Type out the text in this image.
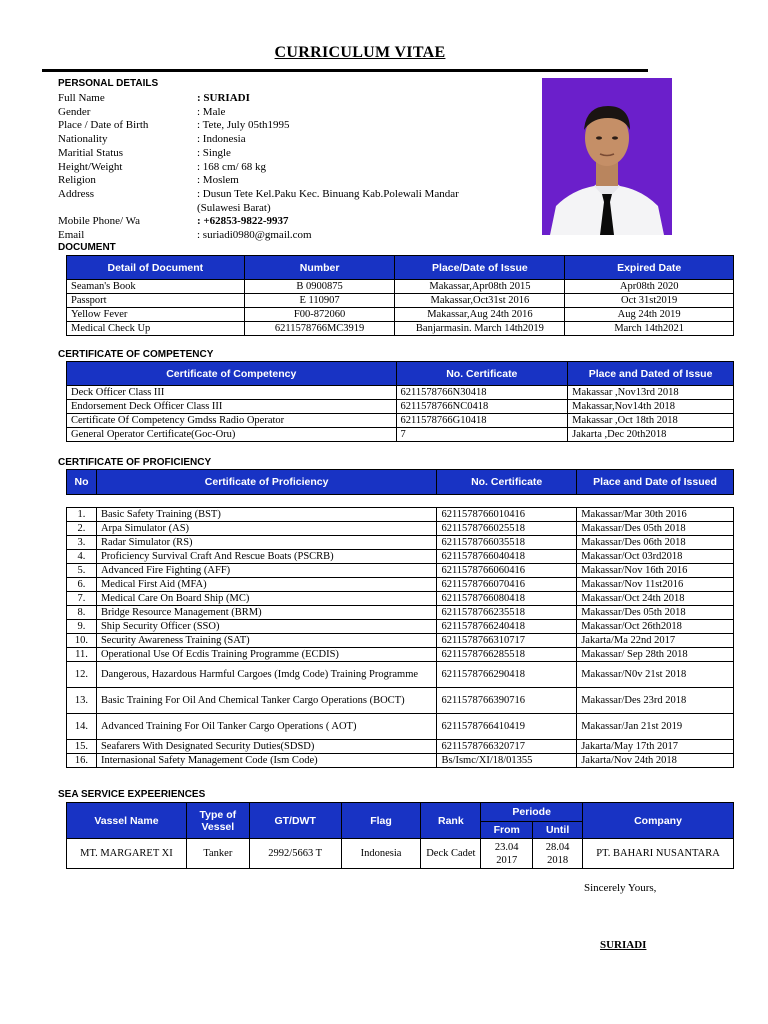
CURRICULUM VITAE
PERSONAL DETAILS
Full Name	: SURIADI
Gender	: Male
Place / Date of Birth	: Tete, July 05th1995
Nationality	: Indonesia
Maritial Status	: Single
Height/Weight	: 168 cm/ 68 kg
Religion	: Moslem
Address	: Dusun Tete Kel.Paku Kec. Binuang Kab.Polewali Mandar
(Sulawesi Barat)
Mobile Phone/ Wa	: +62853-9822-9937
Email	: suriadi0980@gmail.com
DOCUMENT
Detail of Document	Number	Place/Date of Issue	Expired Date
Seaman's Book	B 0900875	Makassar,Apr08th 2015	Apr08th 2020
Passport	E 110907	Makassar,Oct31st 2016	Oct 31st2019
Yellow Fever	F00-872060	Makassar,Aug 24th 2016	Aug 24th 2019
Medical Check Up	6211578766MC3919	Banjarmasin. March 14th2019	March 14th2021
CERTIFICATE OF COMPETENCY
Certificate of Competency	No. Certificate	Place and Dated of Issue
Deck Officer Class III	6211578766N30418	Makassar ,Nov13rd 2018
Endorsement Deck Officer Class III	6211578766NC0418	Makassar,Nov14th 2018
Certificate Of Competency Gmdss Radio Operator	6211578766G10418	Makassar ,Oct 18th 2018
General Operator Certificate(Goc-Oru)	7	Jakarta ,Dec 20th2018
CERTIFICATE OF PROFICIENCY
No	Certificate of Proficiency	No. Certificate	Place and Date of Issued
1.	Basic Safety Training (BST)	6211578766010416	Makassar/Mar 30th 2016
2.	Arpa Simulator (AS)	6211578766025518	Makassar/Des 05th 2018
3.	Radar Simulator (RS)	6211578766035518	Makassar/Des 06th 2018
4.	Proficiency Survival Craft And Rescue Boats (PSCRB)	6211578766040418	Makassar/Oct 03rd2018
5.	Advanced Fire Fighting (AFF)	6211578766060416	Makassar/Nov 16th 2016
6.	Medical First Aid (MFA)	6211578766070416	Makassar/Nov 11st2016
7.	Medical Care On Board Ship (MC)	6211578766080418	Makassar/Oct 24th 2018
8.	Bridge Resource Management (BRM)	6211578766235518	Makassar/Des 05th 2018
9.	Ship Security Officer (SSO)	6211578766240418	Makassar/Oct 26th2018
10.	Security Awareness Training (SAT)	6211578766310717	Jakarta/Ma 22nd 2017
11.	Operational Use Of Ecdis Training Programme (ECDIS)	6211578766285518	Makassar/ Sep 28th 2018
12.	Dangerous, Hazardous Harmful Cargoes (Imdg Code) Training Programme	6211578766290418	Makassar/N0v 21st 2018
13.	Basic Training For Oil And Chemical Tanker Cargo Operations (BOCT)	6211578766390716	Makassar/Des 23rd 2018
14.	Advanced Training For Oil Tanker Cargo Operations ( AOT)	6211578766410419	Makassar/Jan 21st 2019
15.	Seafarers With Designated Security Duties(SDSD)	6211578766320717	Jakarta/May 17th 2017
16.	Internasional Safety Management Code (Ism Code)	Bs/Ismc/XI/18/01355	Jakarta/Nov 24th 2018
SEA SERVICE EXPEERIENCES
Vassel Name	Type of Vessel	GT/DWT	Flag	Rank	Periode		Company
					From	Until	
MT. MARGARET XI	Tanker	2992/5663 T	Indonesia	Deck Cadet	23.04 2017	28.04 2018	PT. BAHARI NUSANTARA
Sincerely Yours,
SURIADI
